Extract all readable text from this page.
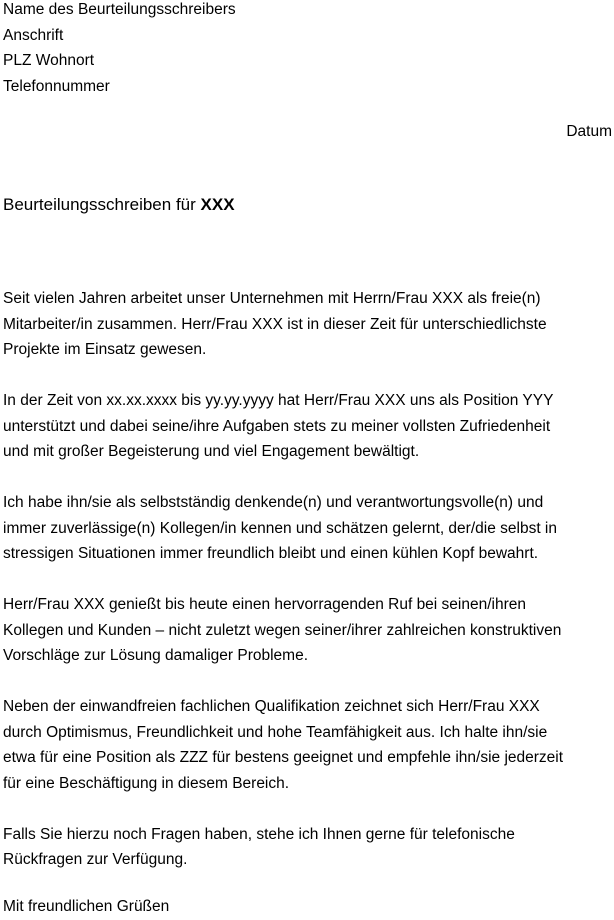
Name des Beurteilungsschreibers
Anschrift
PLZ Wohnort
Telefonnummer
Datum
Beurteilungsschreiben für XXX
Seit vielen Jahren arbeitet unser Unternehmen mit Herrn/Frau XXX als freie(n)
Mitarbeiter/in zusammen. Herr/Frau XXX ist in dieser Zeit für unterschiedlichste
Projekte im Einsatz gewesen.
In der Zeit von xx.xx.xxxx bis yy.yy.yyyy hat Herr/Frau XXX uns als Position YYY
unterstützt und dabei seine/ihre Aufgaben stets zu meiner vollsten Zufriedenheit
und mit großer Begeisterung und viel Engagement bewältigt.
Ich habe ihn/sie als selbstständig denkende(n) und verantwortungsvolle(n) und
immer zuverlässige(n) Kollegen/in kennen und schätzen gelernt, der/die selbst in
stressigen Situationen immer freundlich bleibt und einen kühlen Kopf bewahrt.
Herr/Frau XXX genießt bis heute einen hervorragenden Ruf bei seinen/ihren
Kollegen und Kunden – nicht zuletzt wegen seiner/ihrer zahlreichen konstruktiven
Vorschläge zur Lösung damaliger Probleme.
Neben der einwandfreien fachlichen Qualifikation zeichnet sich Herr/Frau XXX
durch Optimismus, Freundlichkeit und hohe Teamfähigkeit aus. Ich halte ihn/sie
etwa für eine Position als ZZZ für bestens geeignet und empfehle ihn/sie jederzeit
für eine Beschäftigung in diesem Bereich.
Falls Sie hierzu noch Fragen haben, stehe ich Ihnen gerne für telefonische
Rückfragen zur Verfügung.
Mit freundlichen Grüßen
